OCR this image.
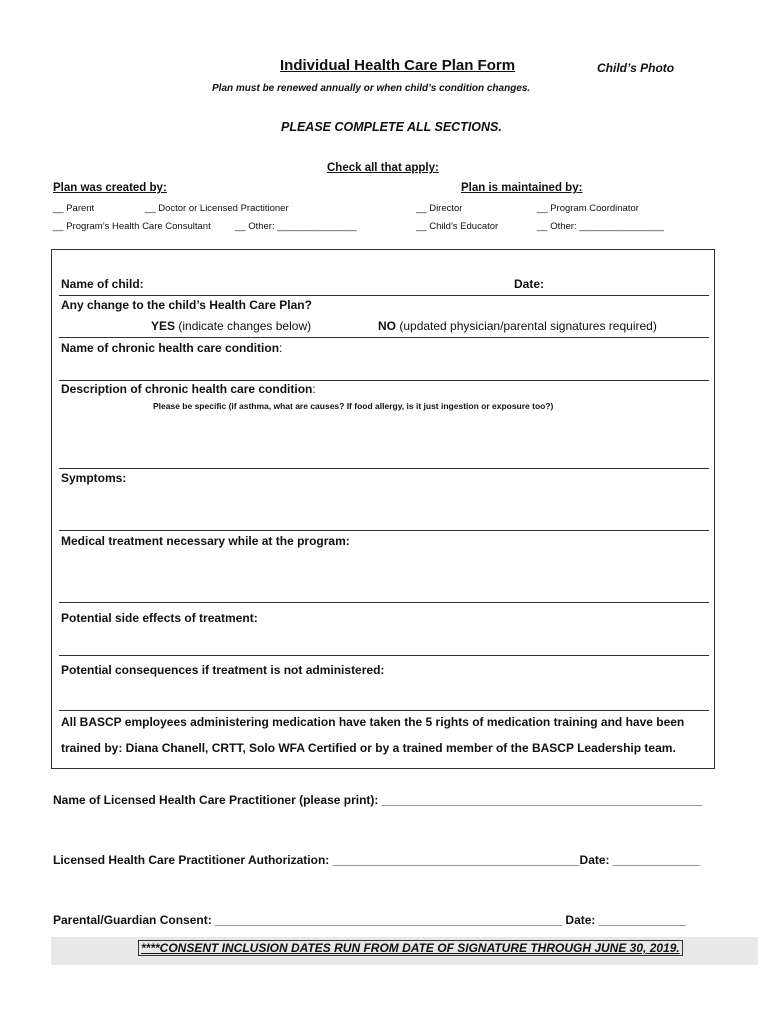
Individual Health Care Plan Form	Child’s Photo
Plan must be renewed annually or when child’s condition changes.
PLEASE COMPLETE ALL SECTIONS.
Check all that apply:
Plan was created by:	Plan is maintained by:
__ Parent	__ Doctor or Licensed Practitioner
__ Program’s Health Care Consultant	__ Other: _______________
__ Director	__ Program Coordinator
__ Child’s Educator	__ Other: ________________
Name of child:	Date:
Any change to the child’s Health Care Plan?
YES (indicate changes below)	NO (updated physician/parental signatures required)
Name of chronic health care condition:
Description of chronic health care condition:
Please be specific (if asthma, what are causes? If food allergy, is it just ingestion or exposure too?)
Symptoms:
Medical treatment necessary while at the program:
Potential side effects of treatment:
Potential consequences if treatment is not administered:
All BASCP employees administering medication have taken the 5 rights of medication training and have been
trained by: Diana Chanell, CRTT, Solo WFA Certified or by a trained member of the BASCP Leadership team.
Name of Licensed Health Care Practitioner (please print): ________________________________________________
Licensed Health Care Practitioner Authorization: _____________________________________Date: _____________
Parental/Guardian Consent: ____________________________________________________ Date: _____________
****CONSENT INCLUSION DATES RUN FROM DATE OF SIGNATURE THROUGH JUNE 30, 2019.
